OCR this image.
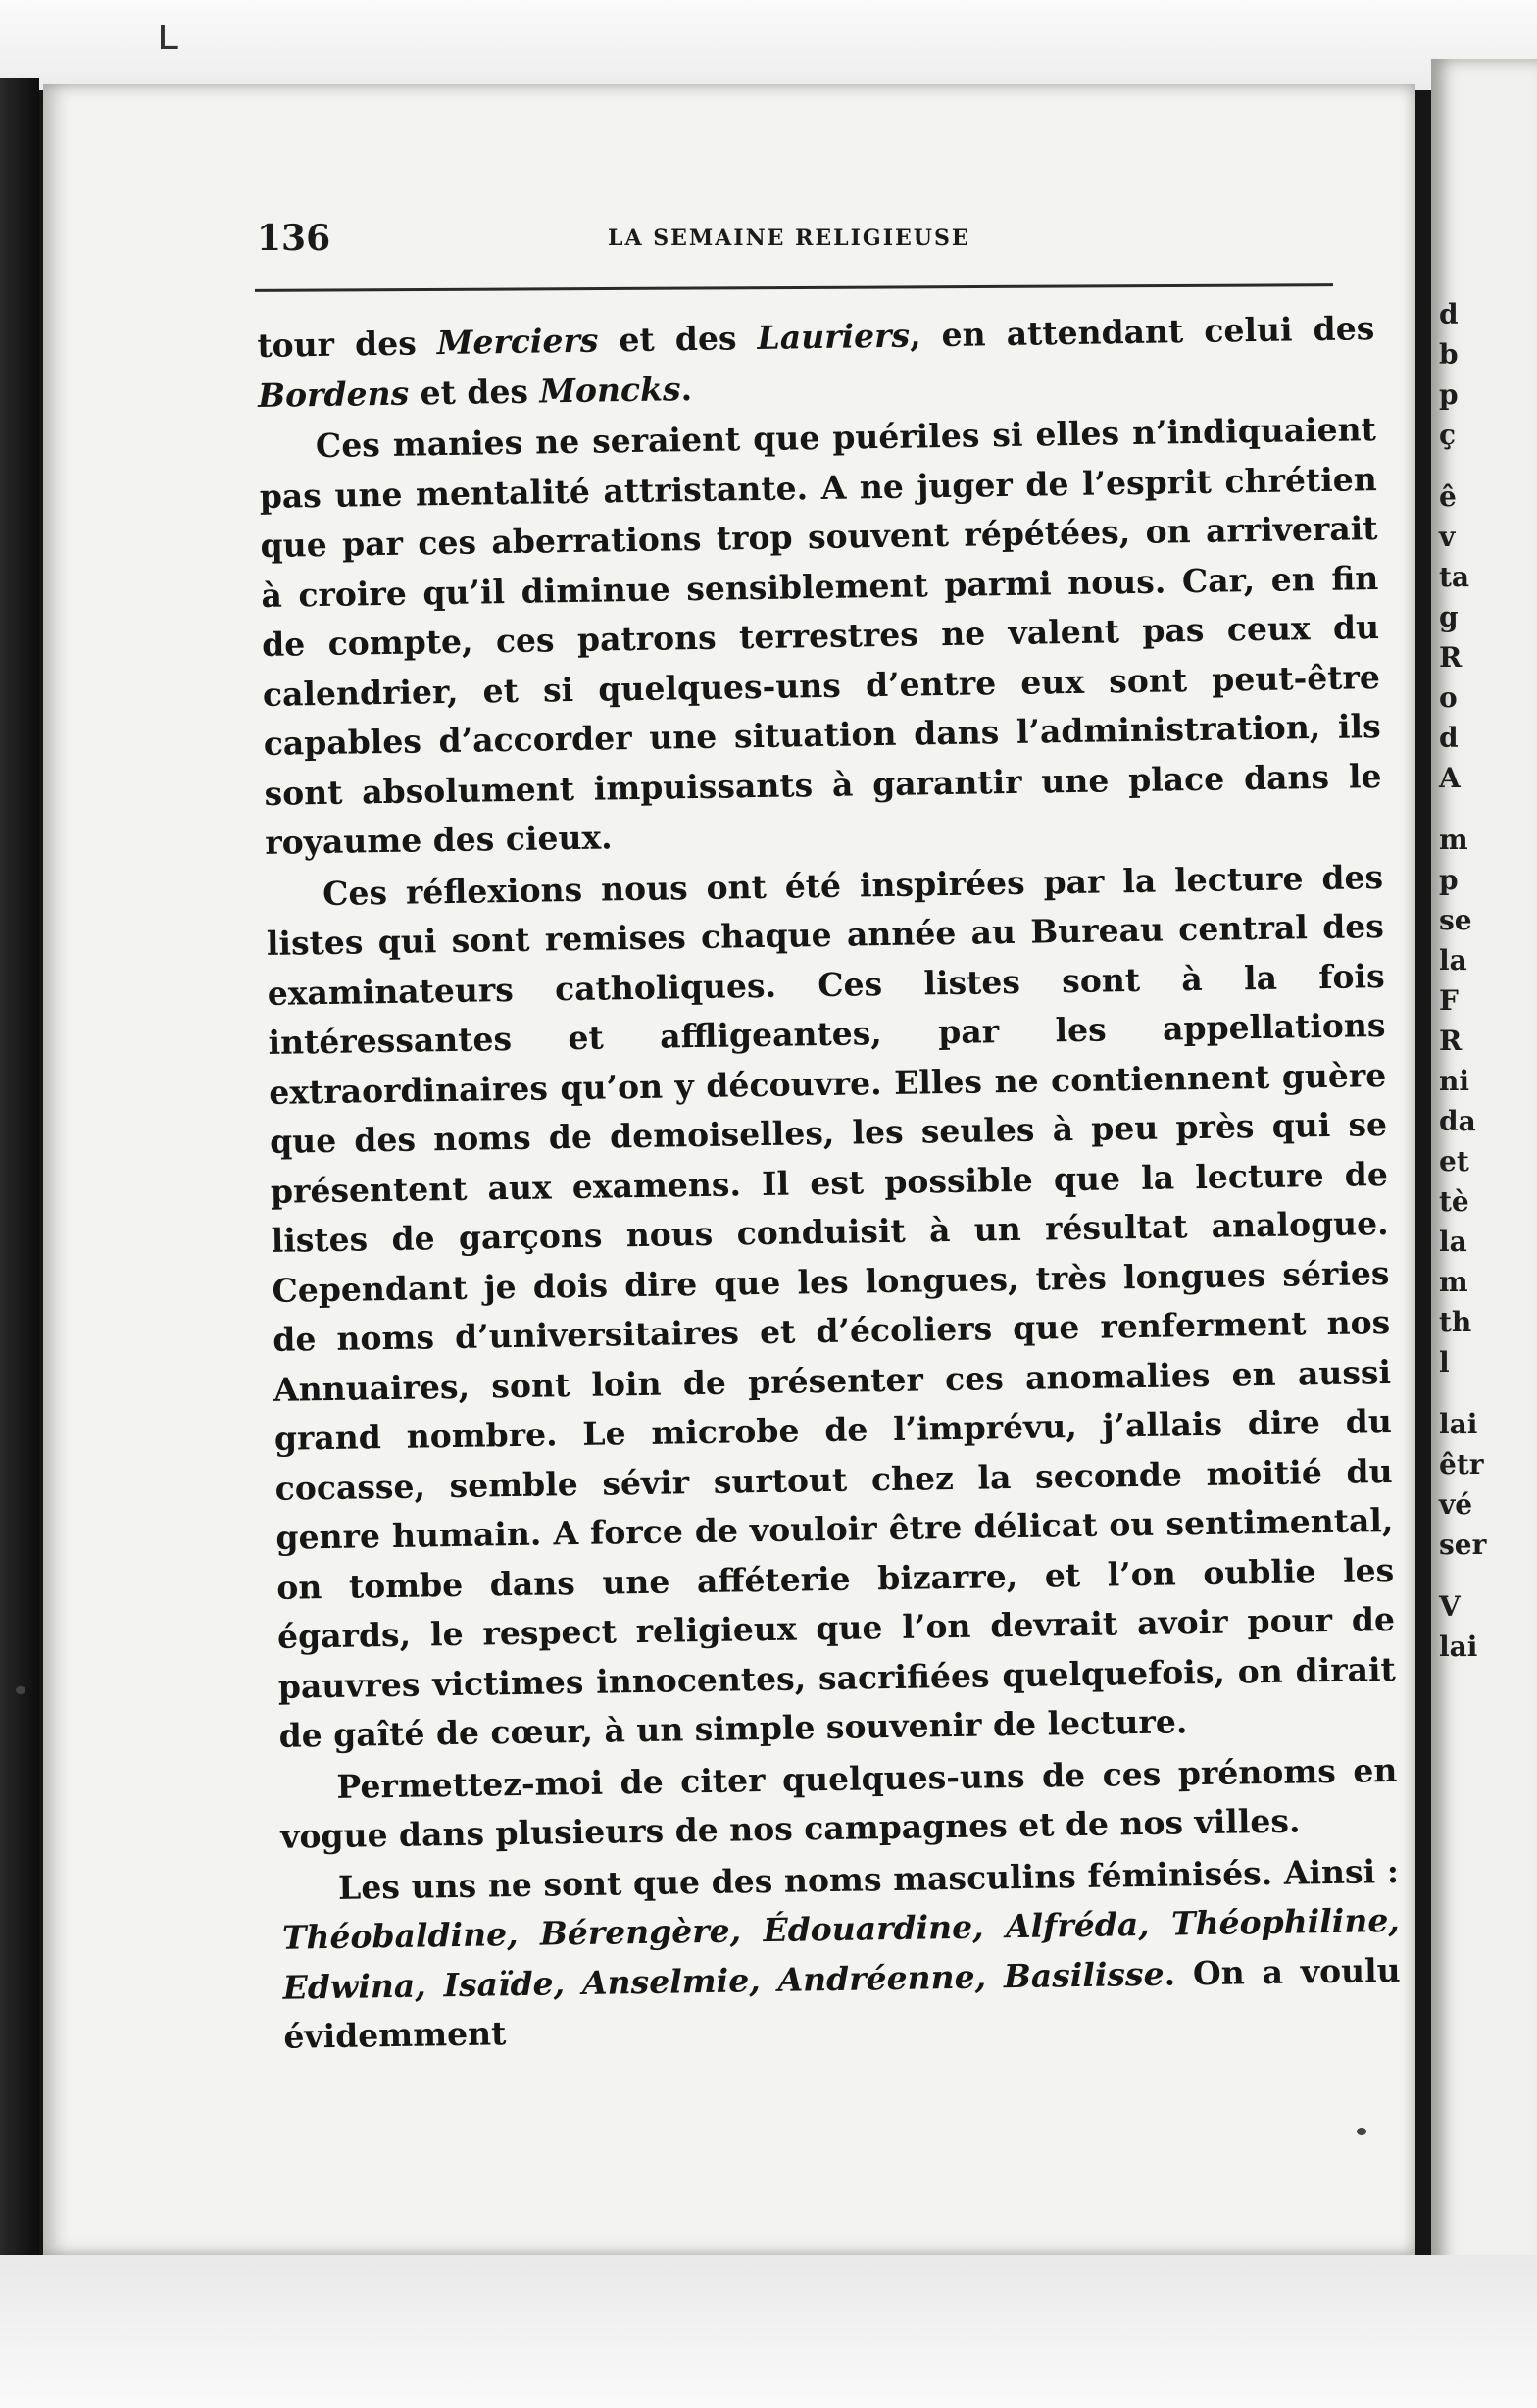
ʟ
136	LA SEMAINE RELIGIEUSE

tour des Merciers et des Lauriers, en attendant celui des Bordens et des Moncks.

Ces manies ne seraient que puériles si elles n’indiquaient pas une mentalité attristante. A ne juger de l’esprit chrétien que par ces aberrations trop souvent répétées, on arriverait à croire qu’il diminue sensiblement parmi nous. Car, en fin de compte, ces patrons terrestres ne valent pas ceux du calendrier, et si quelques-uns d’entre eux sont peut-être capables d’accorder une situation dans l’administration, ils sont absolument impuissants à garantir une place dans le royaume des cieux.

Ces réflexions nous ont été inspirées par la lecture des listes qui sont remises chaque année au Bureau central des examinateurs catholiques. Ces listes sont à la fois intéressantes et affligeantes, par les appellations extraordinaires qu’on y découvre. Elles ne contiennent guère que des noms de demoiselles, les seules à peu près qui se présentent aux examens. Il est possible que la lecture de listes de garçons nous conduisit à un résultat analogue. Cependant je dois dire que les longues, très longues séries de noms d’universitaires et d’écoliers que renferment nos Annuaires, sont loin de présenter ces anomalies en aussi grand nombre. Le microbe de l’imprévu, j’allais dire du cocasse, semble sévir surtout chez la seconde moitié du genre humain. A force de vouloir être délicat ou sentimental, on tombe dans une afféterie bizarre, et l’on oublie les égards, le respect religieux que l’on devrait avoir pour de pauvres victimes innocentes, sacrifiées quelquefois, on dirait de gaîté de cœur, à un simple souvenir de lecture.

Permettez-moi de citer quelques-uns de ces prénoms en vogue dans plusieurs de nos campagnes et de nos villes.

Les uns ne sont que des noms masculins féminisés. Ainsi : Théobaldine, Bérengère, Édouardine, Alfréda, Théophiline, Edwina, Isaïde, Anselmie, Andréenne, Basilisse. On a voulu évidemment

d
b
p
ç
ê
v
ta
g
R
o
d
A
m
p
se
la
F
R
ni
da
et
tè
la
m
th
l
lai
êtr
vé
ser
V
lai
